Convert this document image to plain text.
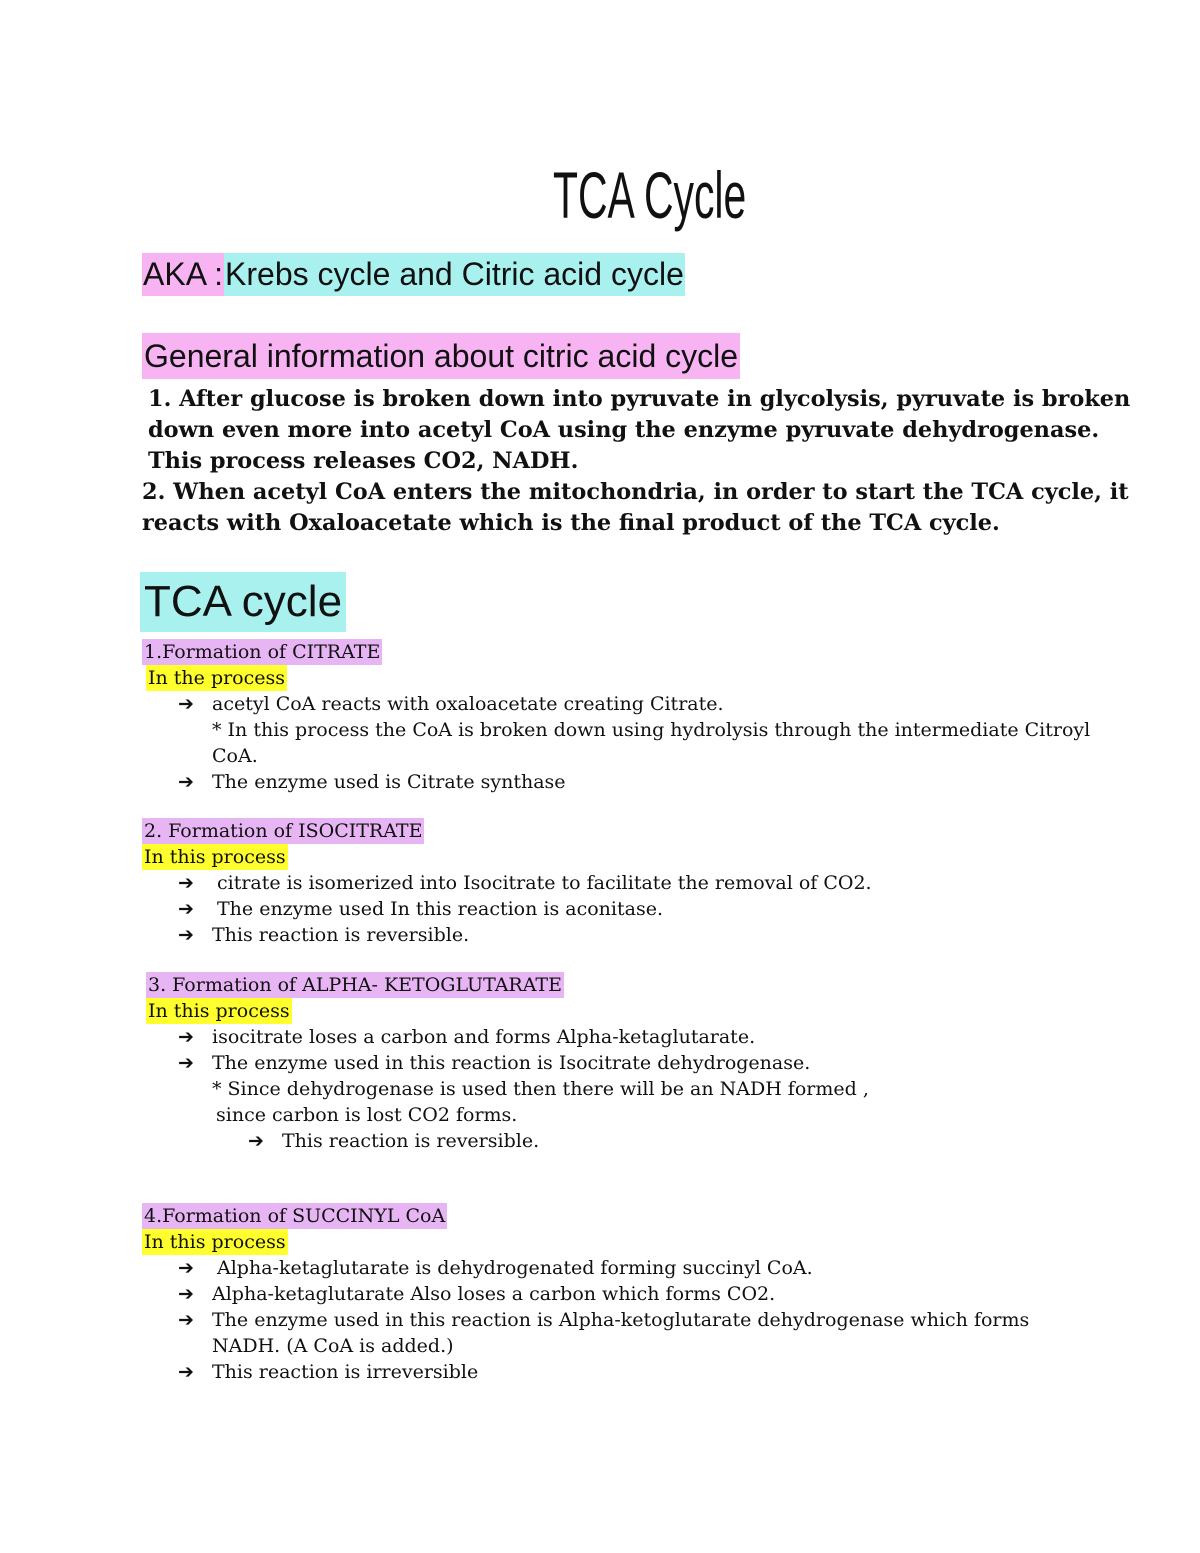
TCA Cycle
AKA :Krebs cycle and Citric acid cycle
General information about citric acid cycle

1. After glucose is broken down into pyruvate in glycolysis, pyruvate is broken down even more into acetyl CoA using the enzyme pyruvate dehydrogenase. This process releases CO2, NADH.

2. When acetyl CoA enters the mitochondria, in order to start the TCA cycle, it reacts with Oxaloacetate which is the final product of the TCA cycle.

TCA cycle
1.Formation of CITRATE
In the process
➔ acetyl CoA reacts with oxaloacetate creating Citrate.
* In this process the CoA is broken down using hydrolysis through the intermediate Citroyl CoA.
➔ The enzyme used is Citrate synthase
2. Formation of ISOCITRATE
In this process
➔	citrate is isomerized into Isocitrate to facilitate the removal of CO2.
➔	The enzyme used In this reaction is aconitase.
➔ This reaction is reversible.
3. Formation of ALPHA- KETOGLUTARATE
In this process
➔ isocitrate loses a carbon and forms Alpha-ketaglutarate.
➔ The enzyme used in this reaction is Isocitrate dehydrogenase.
* Since dehydrogenase is used then there will be an NADH formed ,
since carbon is lost CO2 forms.
➔ This reaction is reversible.
4.Formation of SUCCINYL CoA
In this process
➔	Alpha-ketaglutarate is dehydrogenated forming succinyl CoA.
➔ Alpha-ketaglutarate Also loses a carbon which forms CO2.
➔ The enzyme used in this reaction is Alpha-ketoglutarate dehydrogenase which forms
NADH. (A CoA is added.)
➔ This reaction is irreversible
